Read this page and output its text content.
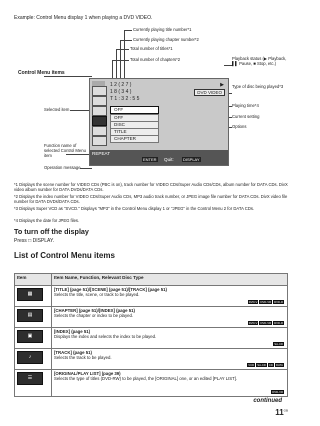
Example: Control Menu display 1 when playing a DVD VIDEO.
Currently playing title number*1
Currently playing chapter number*2
Total number of titles*1
Total number of chapters*2	Playback status (▶ Playback, ▌▌ Pause, ■ Stop, etc.)
Type of disc being played*3
Playing time*4
Current setting
Options
Control Menu items
Selected item
Function name of selected Control Menu item
Operation message
1 2 ( 2 7 )
1 8 ( 3 4 )
T 1 : 3 2 : 5 5
DVD VIDEO
▶
OFF
OFF
DISC
TITLE
CHAPTER
REPEAT
ENTER Quit: DISPLAY
*1 Displays the scene number for VIDEO CDs (PBC is on), track number for VIDEO CDs/Super Audio CDs/CDs, album number for DATA CDs. DivX video album number for DATA DVDs/DATA CDs.
*2 Displays the index number for VIDEO CDs/Super Audio CDs, MP3 audio track number, or JPEG image file number for DATA CDs. DivX video file number for DATA DVDs/DATA CDs.
*3 Displays Super VCD as "SVCD." Displays "MP3" in the Control Menu display 1 or "JPEG" in the Control Menu 2 for DATA CDs.
*4 Displays the date for JPEG files.
To turn off the display
Press □ DISPLAY.
List of Control Menu items
Item	Item Name, Function, Relevant Disc Type

▦	[TITLE] (page 51)/[SCENE] (page 51)/[TRACK] (page 51)
Selects the title, scene, or track to be played.
DVD-V DVD-VR DVD-R

▤	[CHAPTER] (page 51)/[INDEX] (page 51)
Selects the chapter or index to be played.
DVD-V DVD-VR DVD-R

▣	[INDEX] (page 51)
Displays the index and selects the index to be played.
SA-CD

♪	[TRACK] (page 51)
Selects the track to be played.
VCD SA-CD CD DATA

☰	[ORIGINAL/PLAY LIST] (page 39)
Selects the type of titles (DVD-RW) to be played, the [ORIGINAL] one, or an edited [PLAY LIST].
DVD-VR
continued
$11^{GB}$
